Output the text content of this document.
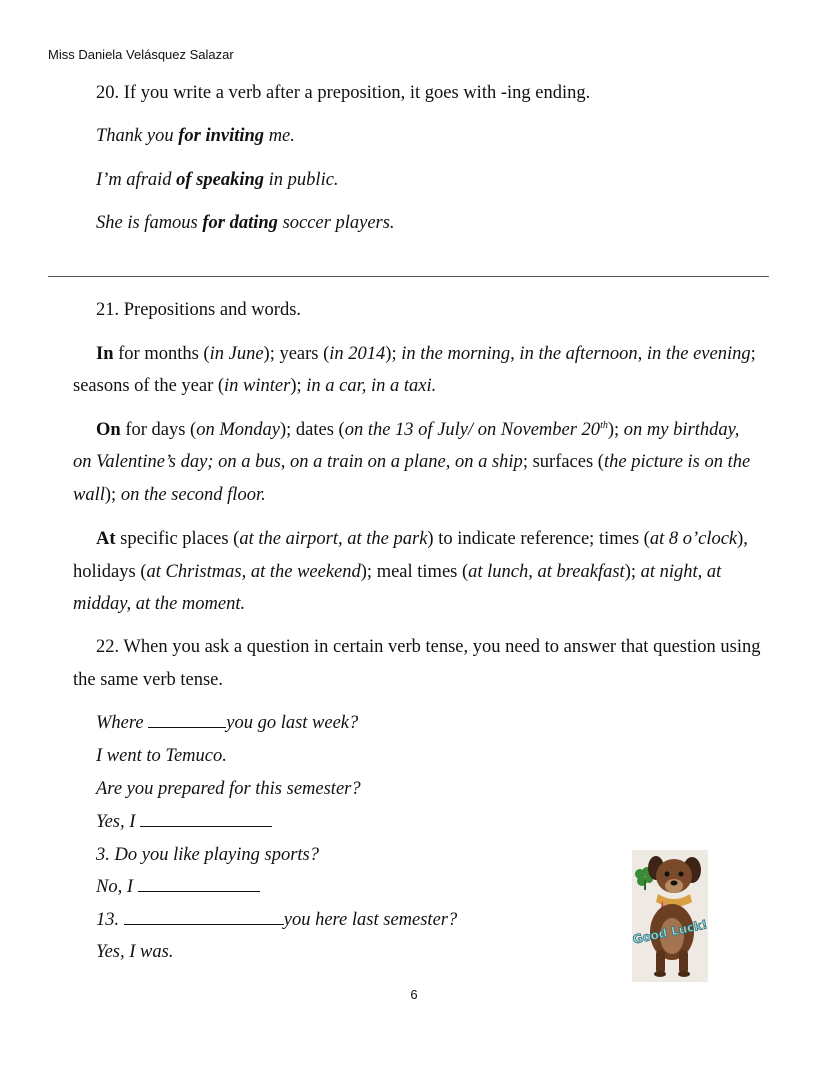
Miss Daniela Velásquez Salazar
20. If you write a verb after a preposition, it goes with -ing ending.
Thank you for inviting me.
I’m afraid of speaking in public.
She is famous for dating soccer players.
21. Prepositions and words.
In for months (in June); years (in 2014); in the morning, in the afternoon, in the evening;
seasons of the year (in winter); in a car, in a taxi.
On for days (on Monday); dates (on the 13 of July/ on November 20th); on my birthday,
on Valentine’s day; on a bus, on a train on a plane, on a ship; surfaces (the picture is on the
wall); on the second floor.
At specific places (at the airport, at the park) to indicate reference; times (at 8 o’clock),
holidays (at Christmas, at the weekend); meal times (at lunch, at breakfast); at night, at
midday, at the moment.
22. When you ask a question in certain verb tense, you need to answer that question using
the same verb tense.
Where	you go last week?
I went to Temuco.
Are you prepared for this semester?
Yes, I
3. Do you like playing sports?
No, I
13.	you here last semester?
Yes, I was.
Good Luck!
6
